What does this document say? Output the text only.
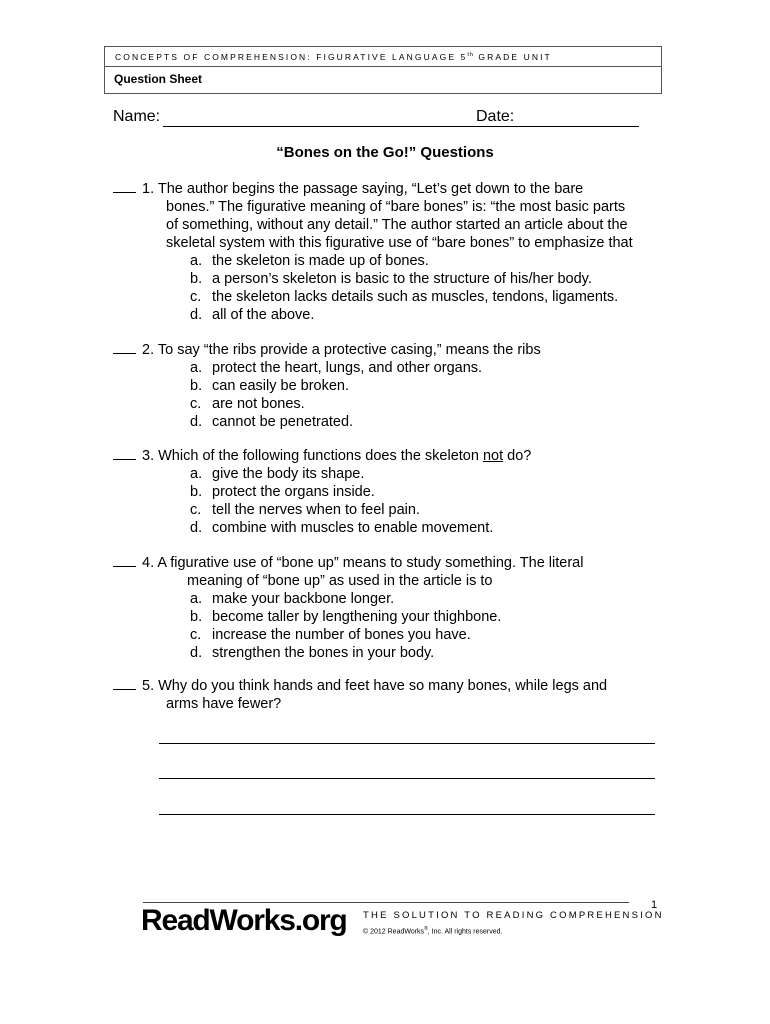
CONCEPTS OF COMPREHENSION: FIGURATIVE LANGUAGE 5th GRADE UNIT
Question Sheet
Name:	Date:
“Bones on the Go!” Questions
1. The author begins the passage saying, “Let’s get down to the bare
bones.” The figurative meaning of “bare bones” is: “the most basic parts
of something, without any detail.” The author started an article about the
skeletal system with this figurative use of “bare bones” to emphasize that
a. the skeleton is made up of bones.
b. a person’s skeleton is basic to the structure of his/her body.
c. the skeleton lacks details such as muscles, tendons, ligaments.
d. all of the above.
2. To say “the ribs provide a protective casing,” means the ribs
a. protect the heart, lungs, and other organs.
b. can easily be broken.
c. are not bones.
d. cannot be penetrated.
3. Which of the following functions does the skeleton not do?
a. give the body its shape.
b. protect the organs inside.
c. tell the nerves when to feel pain.
d. combine with muscles to enable movement.
4. A figurative use of “bone up” means to study something. The literal
meaning of “bone up” as used in the article is to
a. make your backbone longer.
b. become taller by lengthening your thighbone.
c. increase the number of bones you have.
d. strengthen the bones in your body.
5. Why do you think hands and feet have so many bones, while legs and
arms have fewer?
1
ReadWorks.org THE SOLUTION TO READING COMPREHENSION
© 2012 ReadWorks®, Inc. All rights reserved.
